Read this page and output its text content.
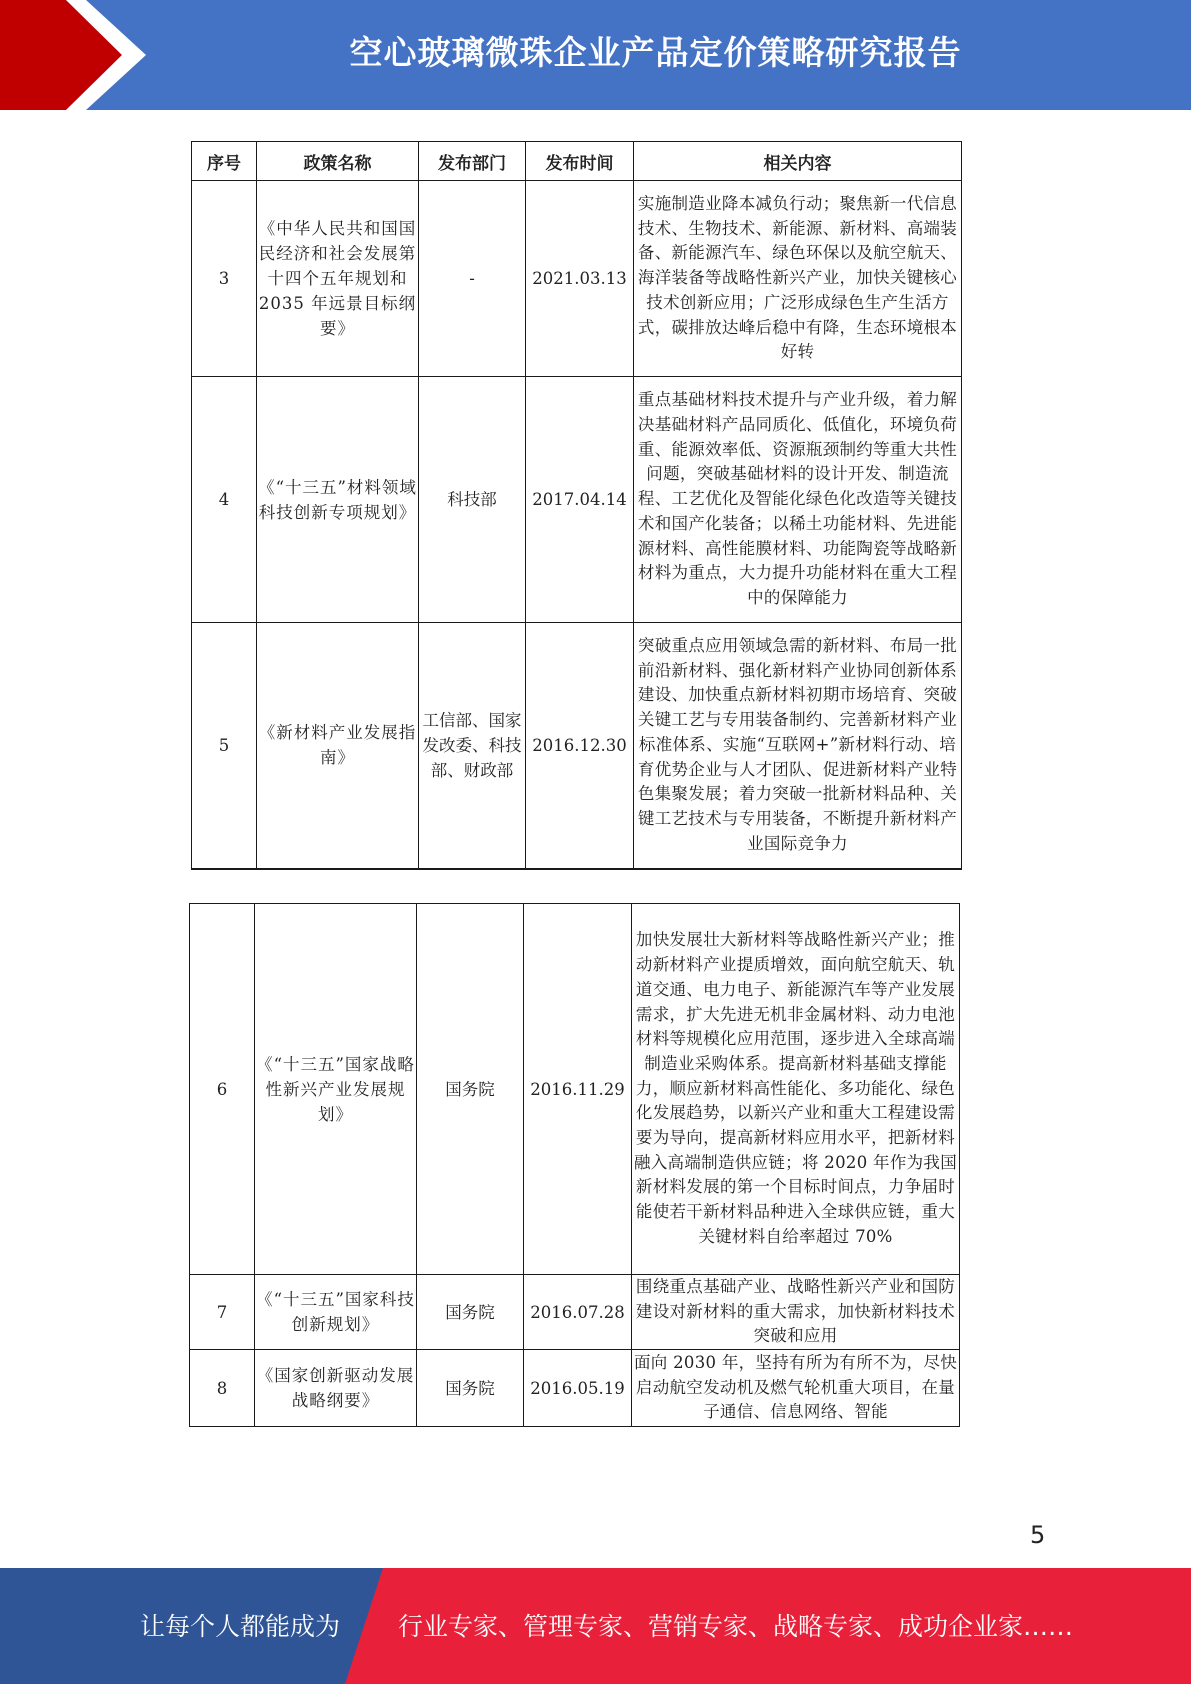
空心玻璃微珠企业产品定价策略研究报告
序号	政策名称	发布部门	发布时间	相关内容
3	《中华人民共和国国民经济和社会发展第十四个五年规划和 2035 年远景目标纲要》	-	2021.03.13	实施制造业降本减负行动；聚焦新一代信息技术、生物技术、新能源、新材料、高端装备、新能源汽车、绿色环保以及航空航天、海洋装备等战略性新兴产业，加快关键核心技术创新应用；广泛形成绿色生产生活方式，碳排放达峰后稳中有降，生态环境根本好转
4	《“十三五”材料领域科技创新专项规划》	科技部	2017.04.14	重点基础材料技术提升与产业升级，着力解决基础材料产品同质化、低值化，环境负荷重、能源效率低、资源瓶颈制约等重大共性问题，突破基础材料的设计开发、制造流程、工艺优化及智能化绿色化改造等关键技术和国产化装备；以稀土功能材料、先进能源材料、高性能膜材料、功能陶瓷等战略新材料为重点，大力提升功能材料在重大工程中的保障能力
5	《新材料产业发展指南》	工信部、国家发改委、科技部、财政部	2016.12.30	突破重点应用领域急需的新材料、布局一批前沿新材料、强化新材料产业协同创新体系建设、加快重点新材料初期市场培育、突破关键工艺与专用装备制约、完善新材料产业标准体系、实施“互联网+”新材料行动、培育优势企业与人才团队、促进新材料产业特色集聚发展；着力突破一批新材料品种、关键工艺技术与专用装备，不断提升新材料产业国际竞争力
6	《“十三五”国家战略性新兴产业发展规划》	国务院	2016.11.29	加快发展壮大新材料等战略性新兴产业；推动新材料产业提质增效，面向航空航天、轨道交通、电力电子、新能源汽车等产业发展需求，扩大先进无机非金属材料、动力电池材料等规模化应用范围，逐步进入全球高端制造业采购体系。提高新材料基础支撑能力，顺应新材料高性能化、多功能化、绿色化发展趋势，以新兴产业和重大工程建设需要为导向，提高新材料应用水平，把新材料融入高端制造供应链；将 2020 年作为我国新材料发展的第一个目标时间点，力争届时能使若干新材料品种进入全球供应链，重大关键材料自给率超过 70%
7	《“十三五”国家科技创新规划》	国务院	2016.07.28	围绕重点基础产业、战略性新兴产业和国防建设对新材料的重大需求，加快新材料技术突破和应用
8	《国家创新驱动发展战略纲要》	国务院	2016.05.19	面向 2030 年，坚持有所为有所不为，尽快启动航空发动机及燃气轮机重大项目，在量子通信、信息网络、智能
5
让每个人都能成为 行业专家、管理专家、营销专家、战略专家、成功企业家……
